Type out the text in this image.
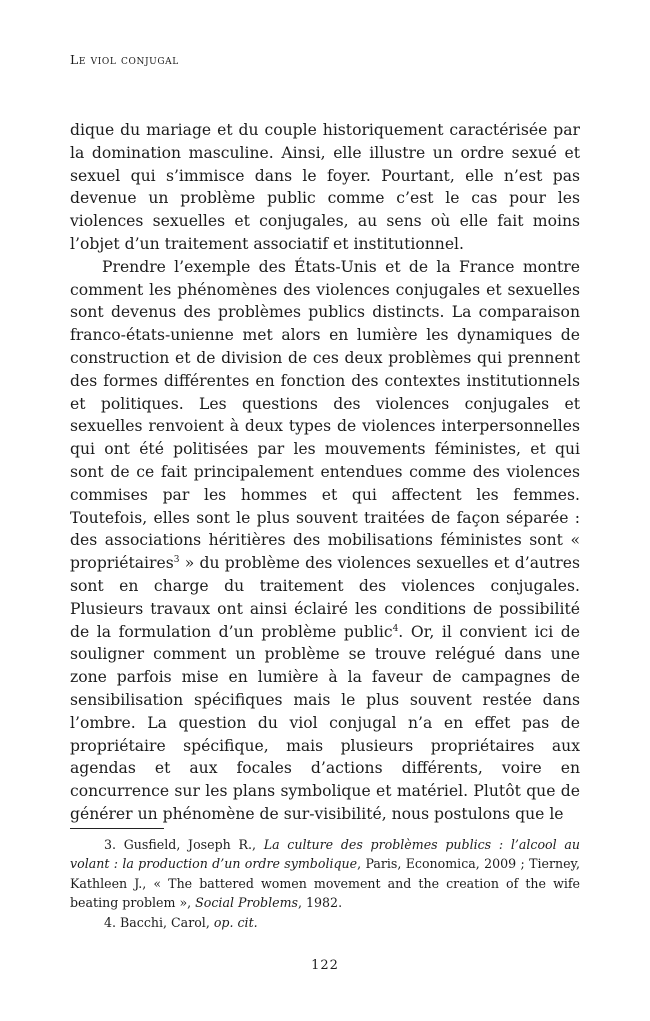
Le viol conjugal

dique du mariage et du couple historiquement caractérisée par la domination masculine. Ainsi, elle illustre un ordre sexué et sexuel qui s’immisce dans le foyer. Pourtant, elle n’est pas devenue un problème public comme c’est le cas pour les violences sexuelles et conjugales, au sens où elle fait moins l’objet d’un traitement associatif et institutionnel.

Prendre l’exemple des États-Unis et de la France montre comment les phénomènes des violences conjugales et sexuelles sont devenus des problèmes publics distincts. La comparaison franco-états-unienne met alors en lumière les dynamiques de construction et de division de ces deux problèmes qui prennent des formes différentes en fonction des contextes institutionnels et politiques. Les questions des violences conjugales et sexuelles renvoient à deux types de violences interpersonnelles qui ont été politisées par les mouvements féministes, et qui sont de ce fait principalement entendues comme des violences commises par les hommes et qui affectent les femmes. Toutefois, elles sont le plus souvent traitées de façon séparée : des associations héritières des mobilisations féministes sont « propriétaires$^3$ » du problème des violences sexuelles et d’autres sont en charge du traitement des violences conjugales. Plusieurs travaux ont ainsi éclairé les conditions de possibilité de la formulation d’un problème public$^4$. Or, il convient ici de souligner comment un problème se trouve relégué dans une zone parfois mise en lumière à la faveur de campagnes de sensibilisation spécifiques mais le plus souvent restée dans l’ombre. La question du viol conjugal n’a en effet pas de propriétaire spécifique, mais plusieurs propriétaires aux agendas et aux focales d’actions différents, voire en concurrence sur les plans symbolique et matériel. Plutôt que de générer un phénomène de sur-visibilité, nous postulons que le

3. Gusfield, Joseph R., La culture des problèmes publics : l’alcool au volant : la production d’un ordre symbolique, Paris, Economica, 2009 ; Tierney, Kathleen J., « The battered women movement and the creation of the wife beating problem », Social Problems, 1982.

4. Bacchi, Carol, op. cit.

122
